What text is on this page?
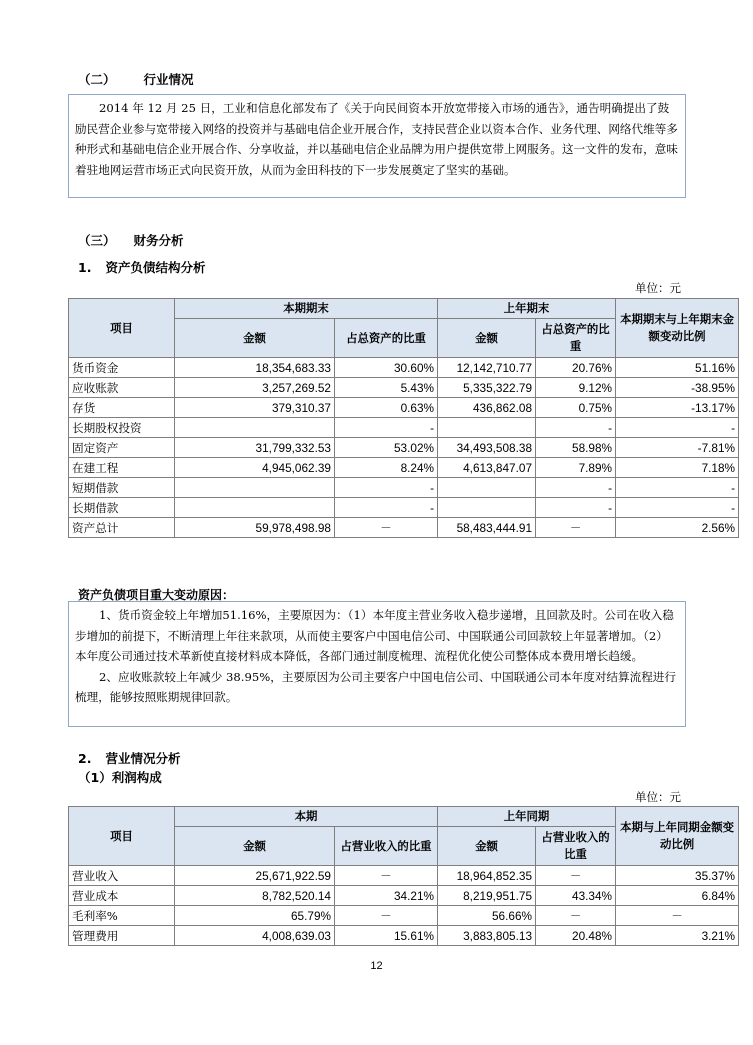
（二） 行业情况

2014 年 12 月 25 日，工业和信息化部发布了《关于向民间资本开放宽带接入市场的通告》，通告明确提出了鼓励民营企业参与宽带接入网络的投资并与基础电信企业开展合作，支持民营企业以资本合作、业务代理、网络代维等多种形式和基础电信企业开展合作、分享收益，并以基础电信企业品牌为用户提供宽带上网服务。这一文件的发布，意味着驻地网运营市场正式向民资开放，从而为金田科技的下一步发展奠定了坚实的基础。

（三） 财务分析
1. 资产负债结构分析
单位：元
项目	本期期末		上年期末		本期期末与上年期末金额变动比例
	金额	占总资产的比重	金额	占总资产的比重	
货币资金	18,354,683.33	30.60%	12,142,710.77	20.76%	51.16%
应收账款	3,257,269.52	5.43%	5,335,322.79	9.12%	-38.95%
存货	379,310.37	0.63%	436,862.08	0.75%	-13.17%
长期股权投资		-		-	-
固定资产	31,799,332.53	53.02%	34,493,508.38	58.98%	-7.81%
在建工程	4,945,062.39	8.24%	4,613,847.07	7.89%	7.18%
短期借款		-		-	-
长期借款		-		-	-
资产总计	59,978,498.98	－	58,483,444.91	－	2.56%
资产负债项目重大变动原因：

1、货币资金较上年增加51.16%，主要原因为：（1）本年度主营业务收入稳步递增，且回款及时。公司在收入稳步增加的前提下，不断清理上年往来款项，从而使主要客户中国电信公司、中国联通公司回款较上年显著增加。（2）本年度公司通过技术革新使直接材料成本降低，各部门通过制度梳理、流程优化使公司整体成本费用增长趋缓。

2、应收账款较上年减少 38.95%，主要原因为公司主要客户中国电信公司、中国联通公司本年度对结算流程进行梳理，能够按照账期规律回款。

2. 营业情况分析
（1）利润构成
单位：元
项目	本期		上年同期		本期与上年同期金额变动比例
	金额	占营业收入的比重	金额	占营业收入的比重	
营业收入	25,671,922.59	－	18,964,852.35	－	35.37%
营业成本	8,782,520.14	34.21%	8,219,951.75	43.34%	6.84%
毛利率%	65.79%	－	56.66%	－	－
管理费用	4,008,639.03	15.61%	3,883,805.13	20.48%	3.21%
12
